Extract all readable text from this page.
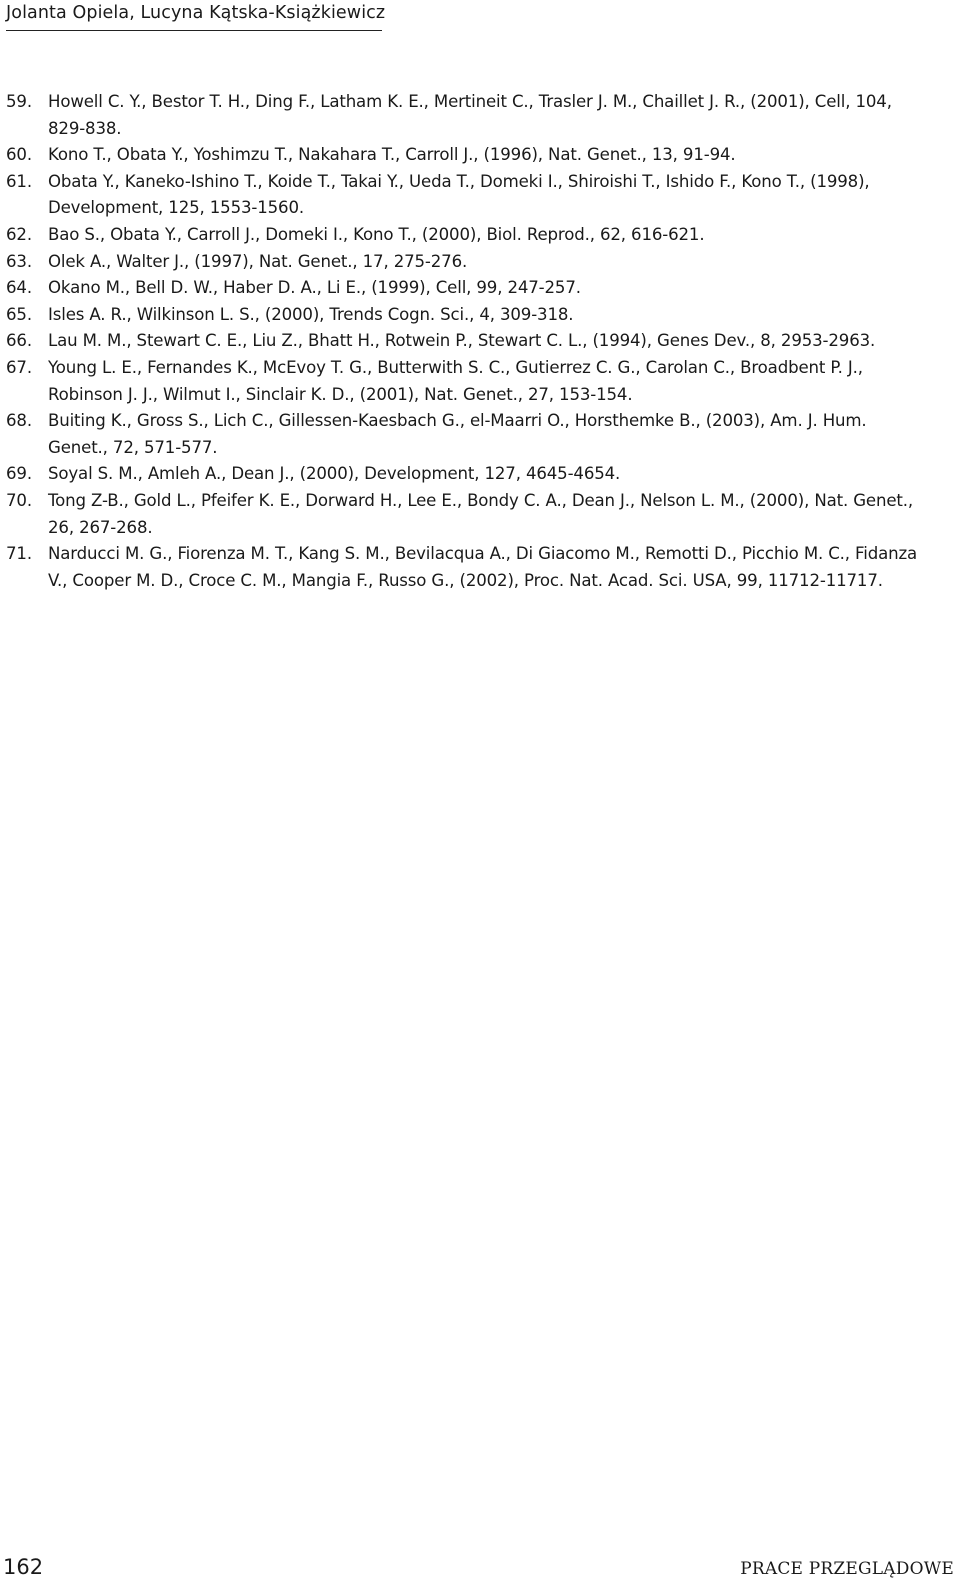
Jolanta Opiela, Lucyna Kątska-Książkiewicz
59. Howell C. Y., Bestor T. H., Ding F., Latham K. E., Mertineit C., Trasler J. M., Chaillet J. R., (2001), Cell, 104, 829-838.
60. Kono T., Obata Y., Yoshimzu T., Nakahara T., Carroll J., (1996), Nat. Genet., 13, 91-94.
61. Obata Y., Kaneko-Ishino T., Koide T., Takai Y., Ueda T., Domeki I., Shiroishi T., Ishido F., Kono T., (1998), Development, 125, 1553-1560.
62. Bao S., Obata Y., Carroll J., Domeki I., Kono T., (2000), Biol. Reprod., 62, 616-621.
63. Olek A., Walter J., (1997), Nat. Genet., 17, 275-276.
64. Okano M., Bell D. W., Haber D. A., Li E., (1999), Cell, 99, 247-257.
65. Isles A. R., Wilkinson L. S., (2000), Trends Cogn. Sci., 4, 309-318.
66. Lau M. M., Stewart C. E., Liu Z., Bhatt H., Rotwein P., Stewart C. L., (1994), Genes Dev., 8, 2953-2963.
67. Young L. E., Fernandes K., McEvoy T. G., Butterwith S. C., Gutierrez C. G., Carolan C., Broadbent P. J., Robinson J. J., Wilmut I., Sinclair K. D., (2001), Nat. Genet., 27, 153-154.
68. Buiting K., Gross S., Lich C., Gillessen-Kaesbach G., el-Maarri O., Horsthemke B., (2003), Am. J. Hum. Genet., 72, 571-577.
69. Soyal S. M., Amleh A., Dean J., (2000), Development, 127, 4645-4654.
70. Tong Z-B., Gold L., Pfeifer K. E., Dorward H., Lee E., Bondy C. A., Dean J., Nelson L. M., (2000), Nat. Genet., 26, 267-268.
71. Narducci M. G., Fiorenza M. T., Kang S. M., Bevilacqua A., Di Giacomo M., Remotti D., Picchio M. C., Fidanza V., Cooper M. D., Croce C. M., Mangia F., Russo G., (2002), Proc. Nat. Acad. Sci. USA, 99, 11712-11717.
162	PRACE PRZEGLĄDOWE
